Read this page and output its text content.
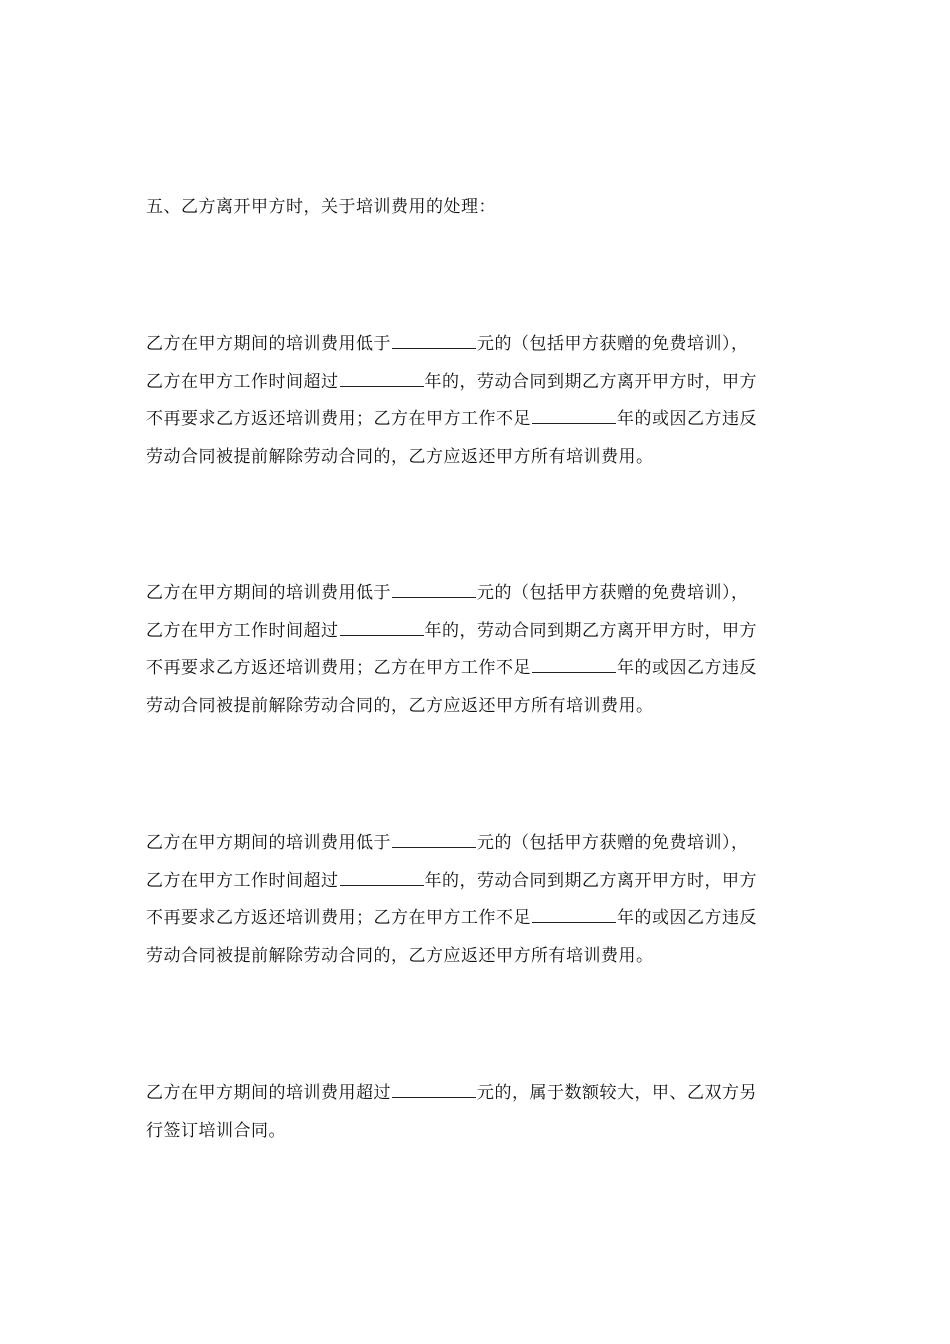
五、乙方离开甲方时，关于培训费用的处理：
乙方在甲方期间的培训费用低于	元的（包括甲方获赠的免费培训），
乙方在甲方工作时间超过	年的，劳动合同到期乙方离开甲方时，甲方
不再要求乙方返还培训费用；乙方在甲方工作不足	年的或因乙方违反
劳动合同被提前解除劳动合同的，乙方应返还甲方所有培训费用。
乙方在甲方期间的培训费用低于	元的（包括甲方获赠的免费培训），
乙方在甲方工作时间超过	年的，劳动合同到期乙方离开甲方时，甲方
不再要求乙方返还培训费用；乙方在甲方工作不足	年的或因乙方违反
劳动合同被提前解除劳动合同的，乙方应返还甲方所有培训费用。
乙方在甲方期间的培训费用低于	元的（包括甲方获赠的免费培训），
乙方在甲方工作时间超过	年的，劳动合同到期乙方离开甲方时，甲方
不再要求乙方返还培训费用；乙方在甲方工作不足	年的或因乙方违反
劳动合同被提前解除劳动合同的，乙方应返还甲方所有培训费用。
乙方在甲方期间的培训费用超过	元的，属于数额较大，甲、乙双方另
行签订培训合同。
